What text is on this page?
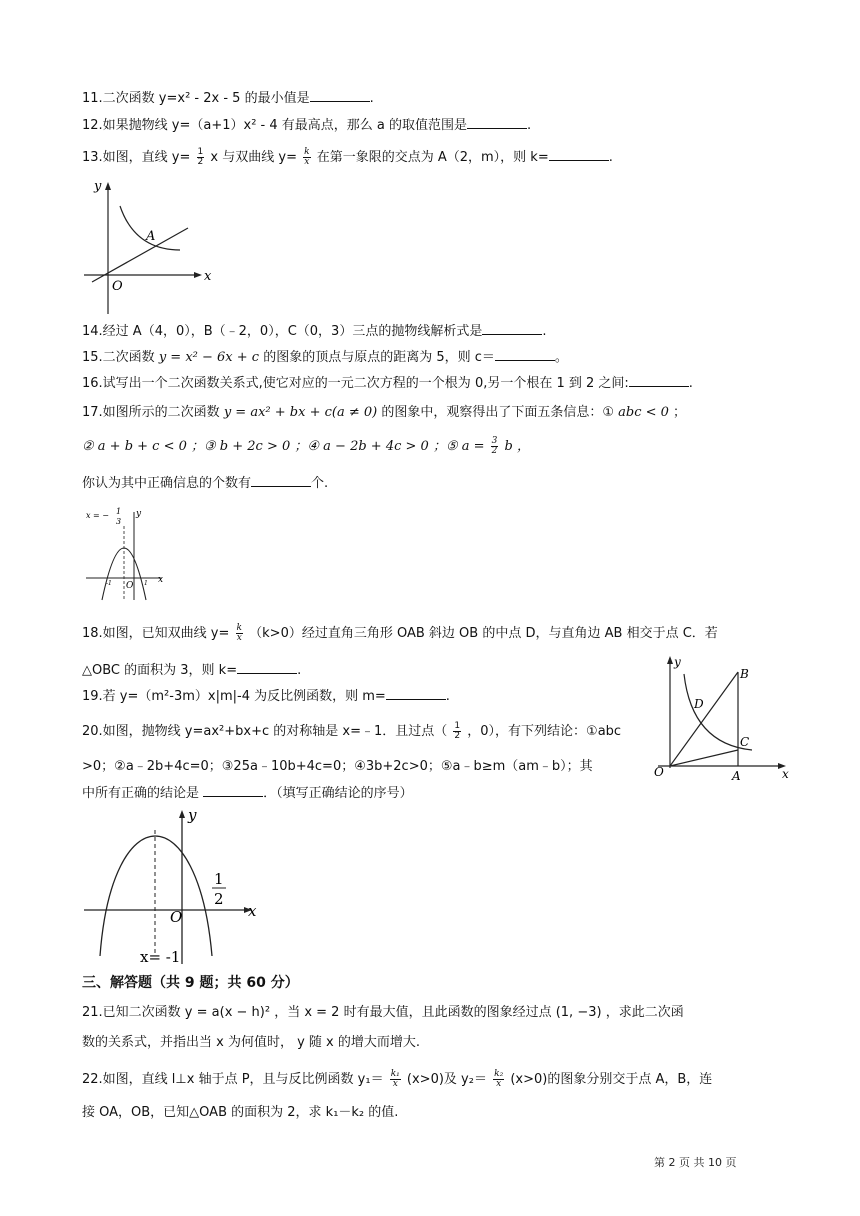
11.二次函数 y=x² ‑ 2x ‑ 5 的最小值是	.
12.如果抛物线 y=（a+1）x² ‑ 4 有最高点，那么 a 的取值范围是	.
13.如图，直线 $y= \frac{1}{2}$ x 与双曲线 $y= \frac{k}{x}$ 在第一象限的交点为 A（2，m），则 k=	.
y
x
O
A
14.经过 A（4，0），B（﹣2，0），C（0，3）三点的抛物线解析式是	.
15.二次函数 y = x² − 6x + c 的图象的顶点与原点的距离为 5，则 c＝	。
16.试写出一个二次函数关系式,使它对应的一元二次方程的一个根为 0,另一个根在 1 到 2 之间:	.
17.如图所示的二次函数 y = ax² + bx + c(a ≠ 0) 的图象中，观察得出了下面五条信息：① abc < 0 ；
② a + b + c < 0 ；③ b + 2c > 0 ；④ a − 2b + 4c > 0 ；⑤ $a = \frac{3}{2}$ b ，
你认为其中正确信息的个数有	个.
x = − 1
3
y
x
O
-1	1
18.如图，已知双曲线 $y= \frac{k}{x} (k>0)$经过直角三角形 OAB 斜边 OB 的中点 D，与直角边 AB 相交于点 C．若
△OBC 的面积为 3，则 k=	.
19.若 y=（m²‑3m）x|m|‑4 为反比例函数，则 m=	.
y
x
O	A
B
C
D
20.如图，抛物线 y=ax²+bx+c 的对称轴是 x=﹣1．且过点（ $\frac{1}{2}$ ，0），有下列结论：①abc
>0；②a﹣2b+4c=0；③25a﹣10b+4c=0；④3b+2c>0；⑤a﹣b≥m（am﹣b）；其
中所有正确的结论是	．（填写正确结论的序号）
y
x
O
1
2
x= -1
三、解答题（共 9 题；共 60 分）
21.已知二次函数 y = a(x − h)² ，当 x = 2 时有最大值，且此函数的图象经过点 (1, −3) ，求此二次函
数的关系式，并指出当 x 为何值时， y 随 x 的增大而增大.
22.如图，直线 l⊥x 轴于点 P，且与反比例函数 $y_1= \frac{\text{k₁}}{x} (x>0)$及 $y_2= \frac{\text{k₂}}{x} (x>0)$的图象分别交于点 A，B，连
接 OA，OB，已知△OAB 的面积为 2，求 k₁－k₂ 的值.
第 2 页 共 10 页
